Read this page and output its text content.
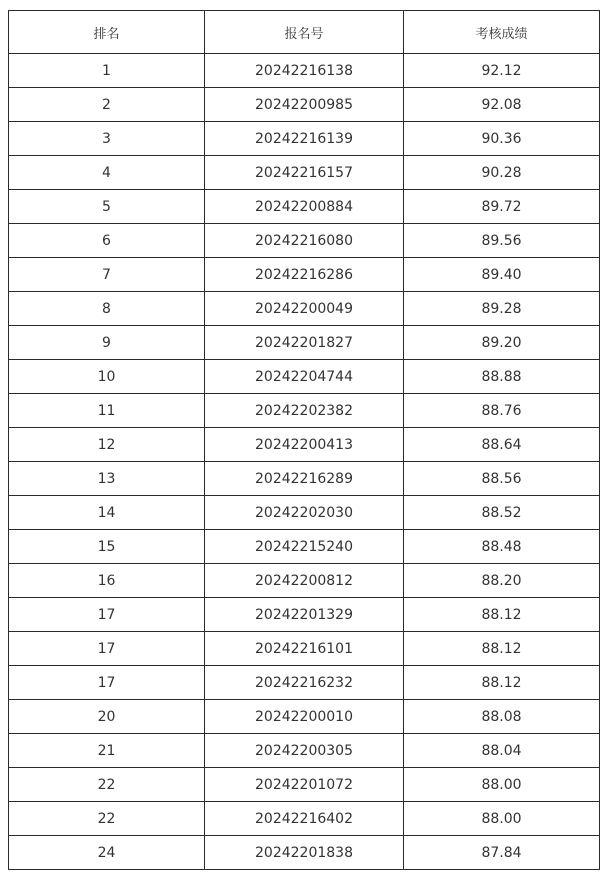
排名	报名号	考核成绩
1	20242216138	92.12
2	20242200985	92.08
3	20242216139	90.36
4	20242216157	90.28
5	20242200884	89.72
6	20242216080	89.56
7	20242216286	89.40
8	20242200049	89.28
9	20242201827	89.20
10	20242204744	88.88
11	20242202382	88.76
12	20242200413	88.64
13	20242216289	88.56
14	20242202030	88.52
15	20242215240	88.48
16	20242200812	88.20
17	20242201329	88.12
17	20242216101	88.12
17	20242216232	88.12
20	20242200010	88.08
21	20242200305	88.04
22	20242201072	88.00
22	20242216402	88.00
24	20242201838	87.84
